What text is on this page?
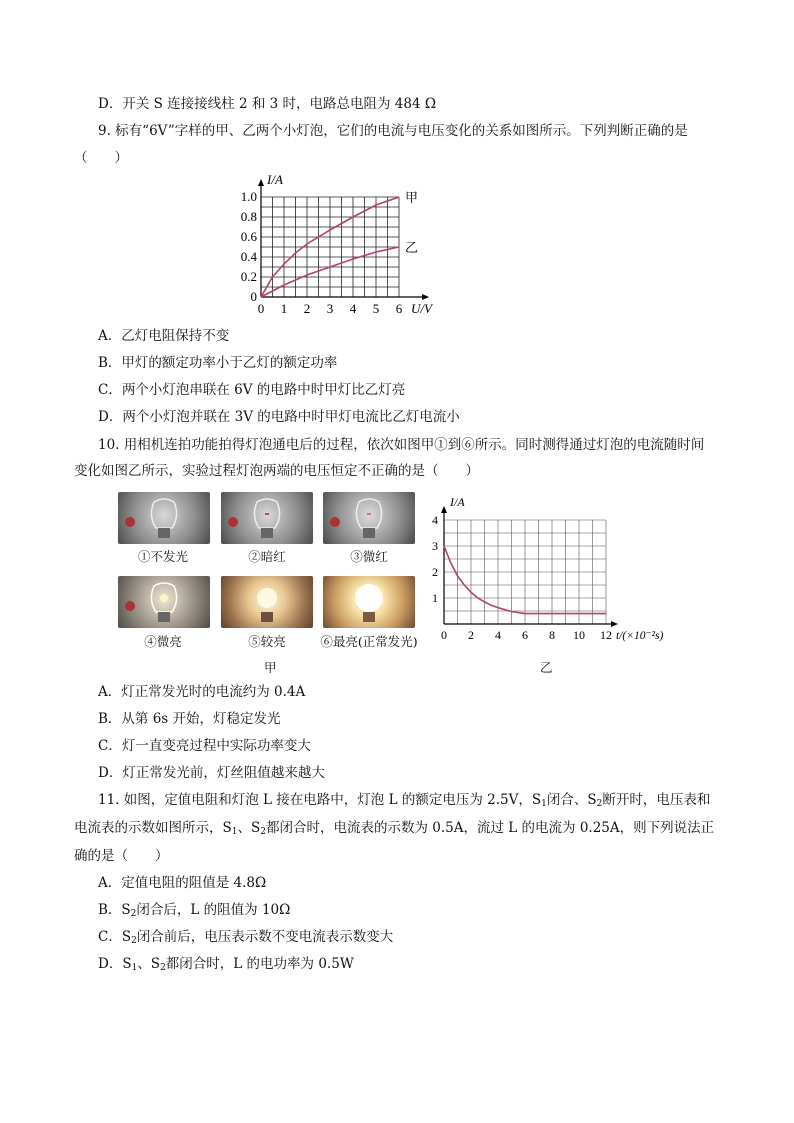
D．开关 S 连接接线柱 2 和 3 时，电路总电阻为 484 Ω
9. 标有“6V”字样的甲、乙两个小灯泡，它们的电流与电压变化的关系如图所示。下列判断正确的是
（　　）
0 1 2 3 4 5 6
0
0.2
0.4
0.6
0.8
1.0
I/A
U/V
甲
乙
A．乙灯电阻保持不变
B．甲灯的额定功率小于乙灯的额定功率
C．两个小灯泡串联在 6V 的电路中时甲灯比乙灯亮
D．两个小灯泡并联在 3V 的电路中时甲灯电流比乙灯电流小
10. 用相机连拍功能拍得灯泡通电后的过程，依次如图甲①到⑥所示。同时测得通过灯泡的电流随时间
变化如图乙所示，实验过程灯泡两端的电压恒定不正确的是（　　）
①不发光	②暗红	③微红
④微亮	⑤较亮	⑥最亮(正常发光)
甲
0 2 4 6 8 10 12
1
2
3
4
I/A
t/(×10⁻²s)
乙
A．灯正常发光时的电流约为 0.4A
B．从第 6s 开始，灯稳定发光
C．灯一直变亮过程中实际功率变大
D．灯正常发光前，灯丝阻值越来越大
11. 如图，定值电阻和灯泡 L 接在电路中，灯泡 L 的额定电压为 2.5V，$S_1$闭合、$S_2$断开时，电压表和
电流表的示数如图所示，$S_1$、$S_2$都闭合时，电流表的示数为 0.5A，流过 L 的电流为 0.25A，则下列说法正
确的是（　　）
A．定值电阻的阻值是 4.8Ω
B．$S_2$闭合后，L 的阻值为 10Ω
C．$S_2$闭合前后，电压表示数不变电流表示数变大
D．$S_1$、$S_2$都闭合时，L 的电功率为 0.5W
